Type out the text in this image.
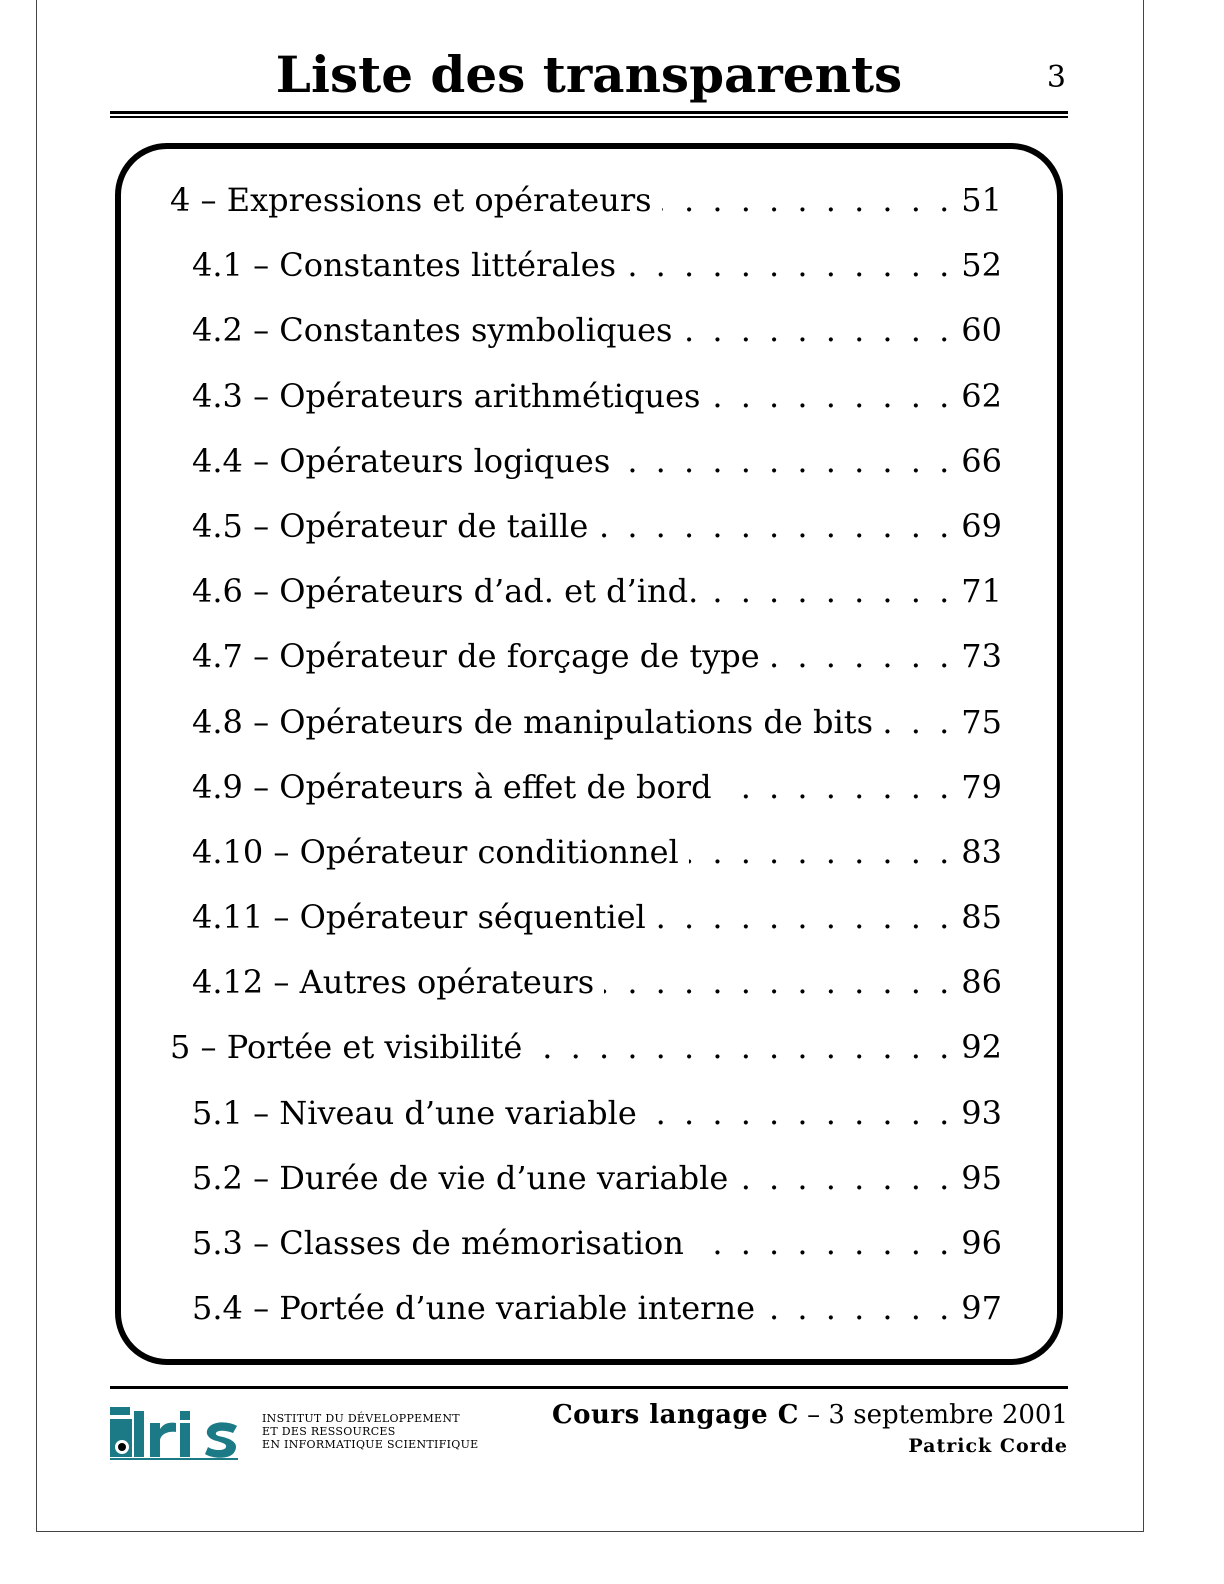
Liste des transparents	3
4 – Expressions et opérateurs . . .	51
4.1 – Constantes littérales . . .	52
4.2 – Constantes symboliques . . .	60
4.3 – Opérateurs arithmétiques . . .	62
4.4 – Opérateurs logiques . . .	66
4.5 – Opérateur de taille . . .	69
4.6 – Opérateurs d’ad. et d’ind. . . .	71
4.7 – Opérateur de forçage de type . . .	73
4.8 – Opérateurs de manipulations de bits . . .	75
4.9 – Opérateurs à effet de bord . . .	79
4.10 – Opérateur conditionnel . . .	83
4.11 – Opérateur séquentiel . . .	85
4.12 – Autres opérateurs . . .	86
5 – Portée et visibilité . . .	92
5.1 – Niveau d’une variable . . .	93
5.2 – Durée de vie d’une variable . . .	95
5.3 – Classes de mémorisation . . .	96
5.4 – Portée d’une variable interne . . .	97
INSTITUT DU DÉVELOPPEMENT
ET DES RESSOURCES
EN INFORMATIQUE SCIENTIFIQUE
Cours langage C – 3 septembre 2001
Patrick Corde
